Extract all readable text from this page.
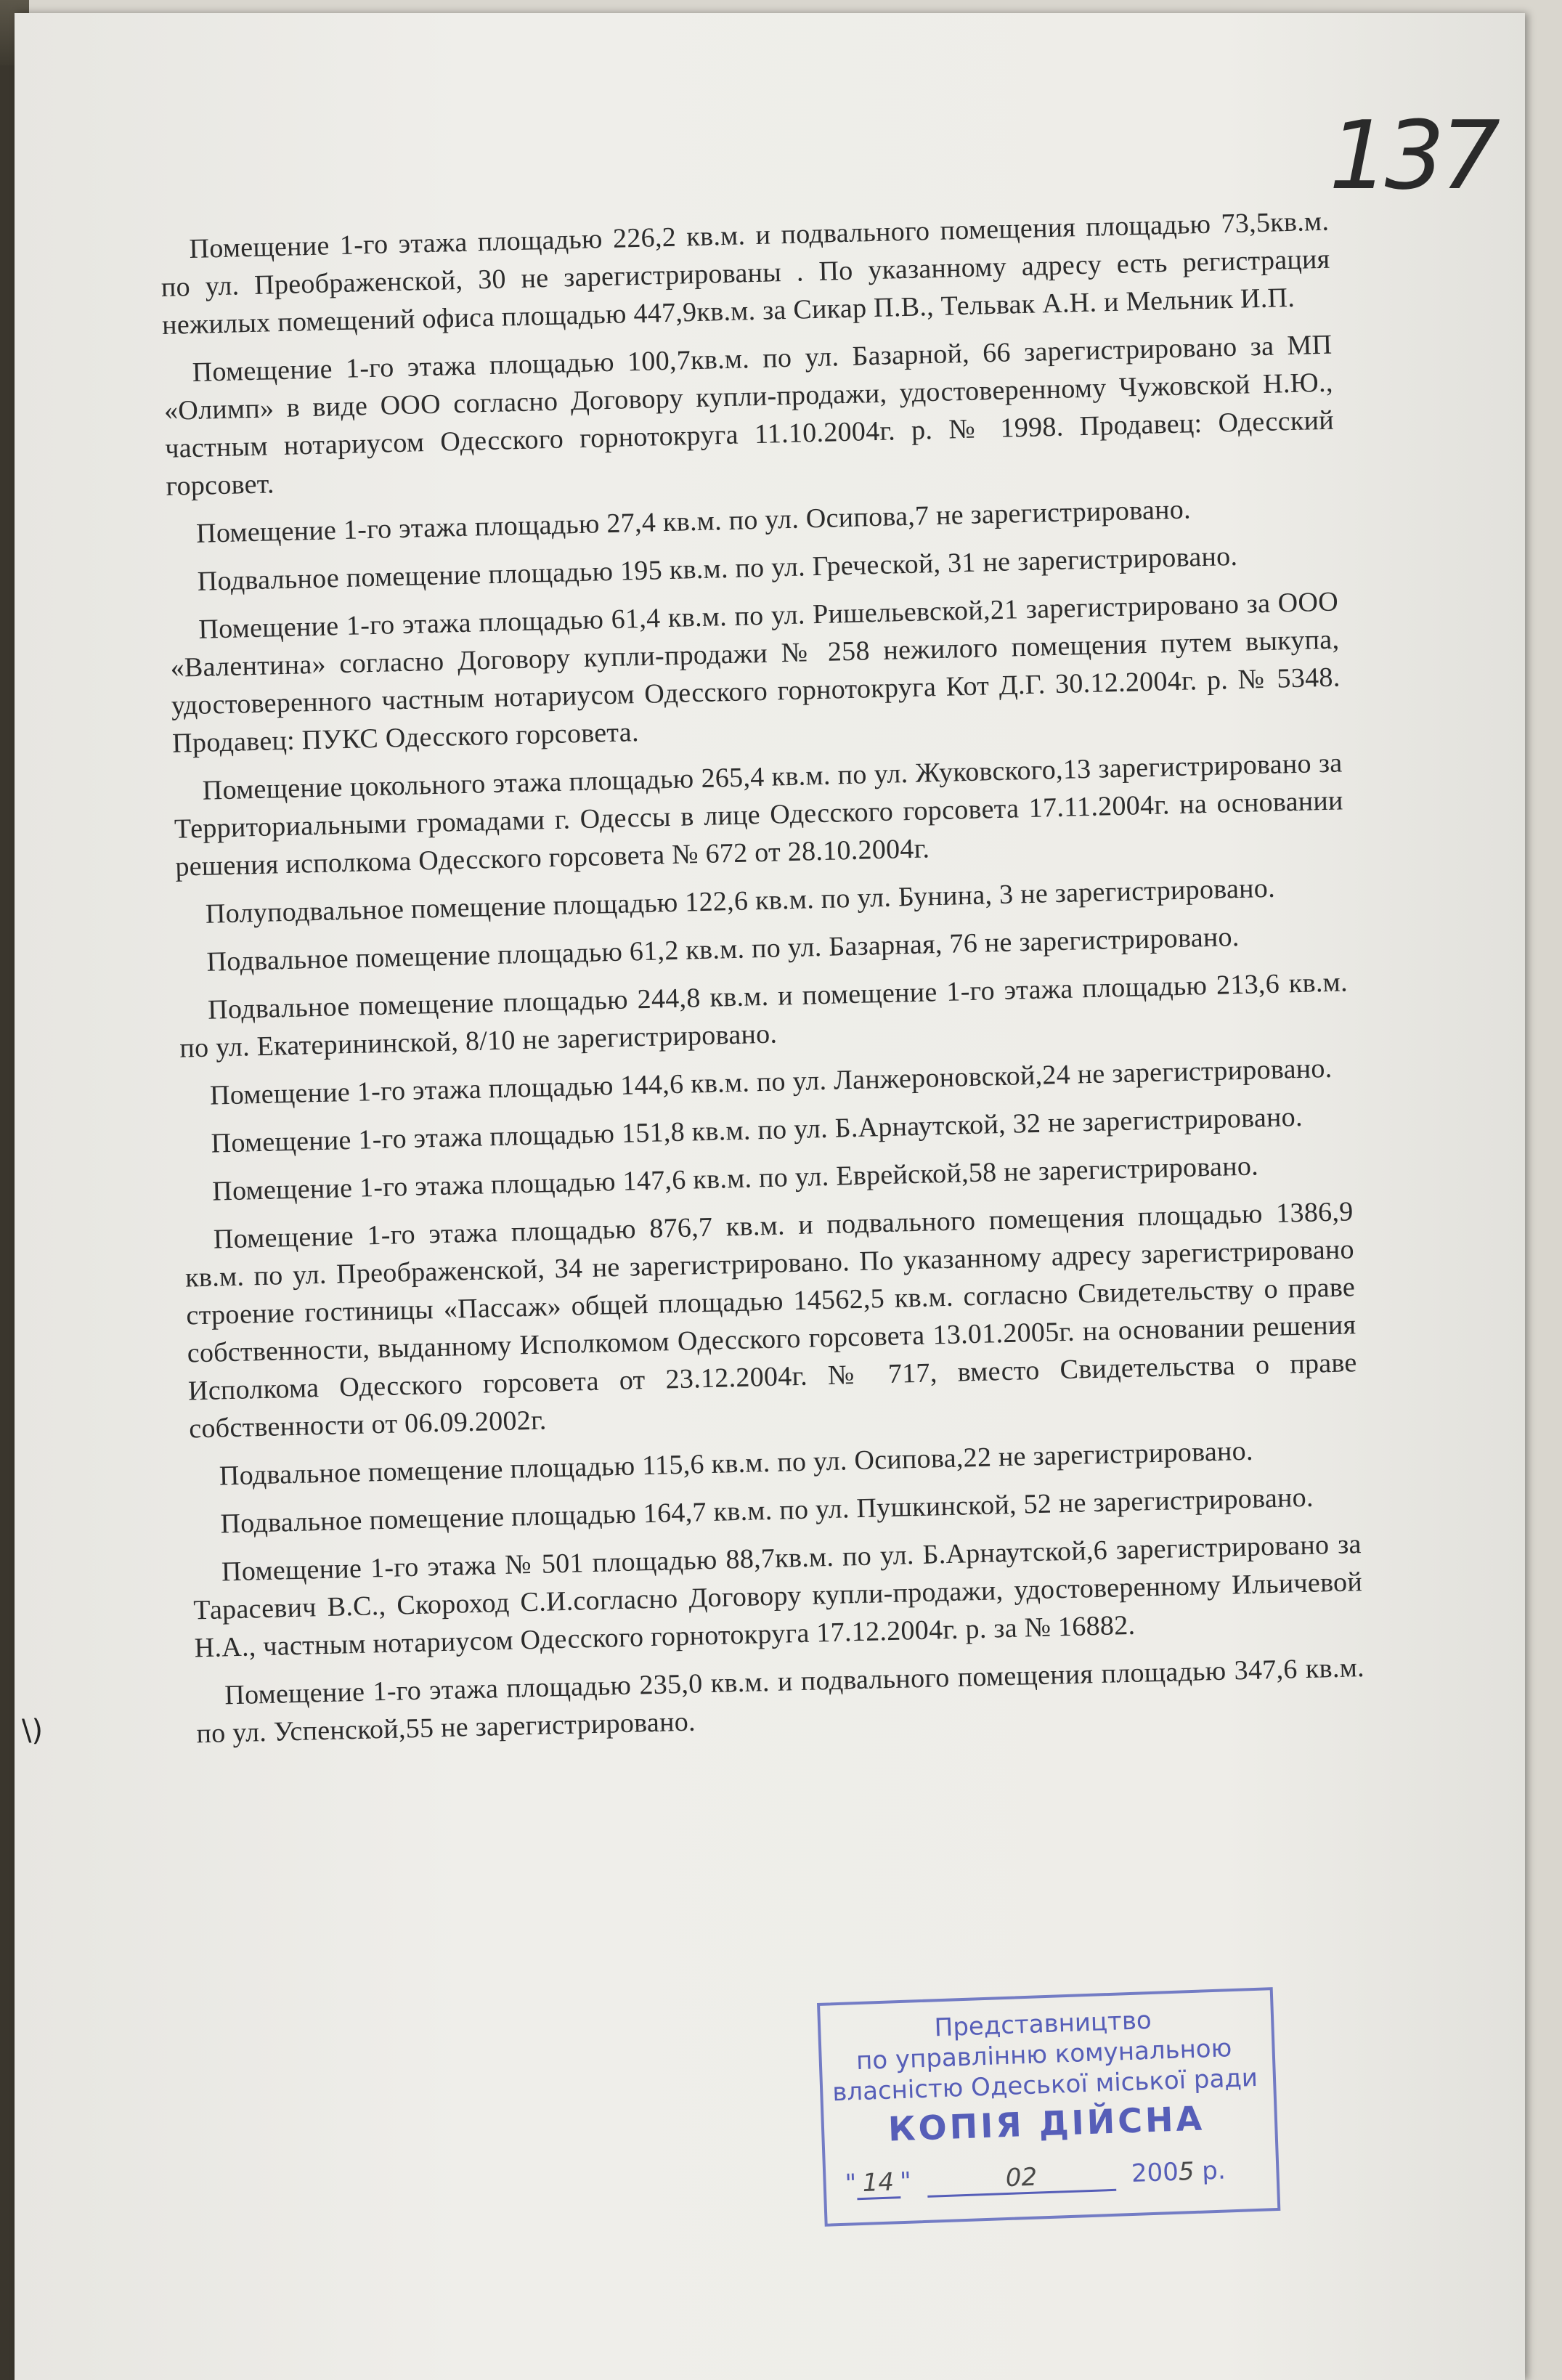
137

Помещение 1-го этажа площадью 226,2 кв.м. и подвального помещения площадью 73,5кв.м. по ул. Преображенской, 30 не зарегистрированы . По указанному адресу есть регистрация нежилых помещений офиса площадью 447,9кв.м. за Сикар П.В., Тельвак А.Н. и Мельник И.П.

Помещение 1-го этажа площадью 100,7кв.м. по ул. Базарной, 66 зарегистрировано за МП «Олимп» в виде ООО согласно Договору купли-продажи, удостоверенному Чужовской Н.Ю., частным нотариусом Одесского горнотокруга 11.10.2004г. р. № 1998. Продавец: Одесский горсовет.

Помещение 1-го этажа площадью 27,4 кв.м. по ул. Осипова,7 не зарегистрировано.

Подвальное помещение площадью 195 кв.м. по ул. Греческой, 31 не зарегистрировано.

Помещение 1-го этажа площадью 61,4 кв.м. по ул. Ришельевской,21 зарегистрировано за ООО «Валентина» согласно Договору купли-продажи № 258 нежилого помещения путем выкупа, удостоверенного частным нотариусом Одесского горнотокруга Кот Д.Г. 30.12.2004г. р. № 5348. Продавец: ПУКС Одесского горсовета.

Помещение цокольного этажа площадью 265,4 кв.м. по ул. Жуковского,13 зарегистрировано за Территориальными громадами г. Одессы в лице Одесского горсовета 17.11.2004г. на основании решения исполкома Одесского горсовета № 672 от 28.10.2004г.

Полуподвальное помещение площадью 122,6 кв.м. по ул. Бунина, 3 не зарегистрировано.

Подвальное помещение площадью 61,2 кв.м. по ул. Базарная, 76 не зарегистрировано.

Подвальное помещение площадью 244,8 кв.м. и помещение 1-го этажа площадью 213,6 кв.м. по ул. Екатерининской, 8/10 не зарегистрировано.

Помещение 1-го этажа площадью 144,6 кв.м. по ул. Ланжероновской,24 не зарегистрировано.

Помещение 1-го этажа площадью 151,8 кв.м. по ул. Б.Арнаутской, 32 не зарегистрировано.

Помещение 1-го этажа площадью 147,6 кв.м. по ул. Еврейской,58 не зарегистрировано.

Помещение 1-го этажа площадью 876,7 кв.м. и подвального помещения площадью 1386,9 кв.м. по ул. Преображенской, 34 не зарегистрировано. По указанному адресу зарегистрировано строение гостиницы «Пассаж» общей площадью 14562,5 кв.м. согласно Свидетельству о праве собственности, выданному Исполкомом Одесского горсовета 13.01.2005г. на основании решения Исполкома Одесского горсовета от 23.12.2004г. № 717, вместо Свидетельства о праве собственности от 06.09.2002г.

Подвальное помещение площадью 115,6 кв.м. по ул. Осипова,22 не зарегистрировано.

Подвальное помещение площадью 164,7 кв.м. по ул. Пушкинской, 52 не зарегистрировано.

Помещение 1-го этажа № 501 площадью 88,7кв.м. по ул. Б.Арнаутской,6 зарегистрировано за Тарасевич В.С., Скороход С.И.согласно Договору купли-продажи, удостоверенному Ильичевой Н.А., частным нотариусом Одесского горнотокруга 17.12.2004г. р. за № 16882.

Помещение 1-го этажа площадью 235,0 кв.м. и подвального помещения площадью 347,6 кв.м. по ул. Успенской,55 не зарегистрировано.

Представництво
по управлінню комунальною
власністю Одеської міської ради
КОПІЯ ДІЙСНА
" 14 "	02	2005 р.
\)
